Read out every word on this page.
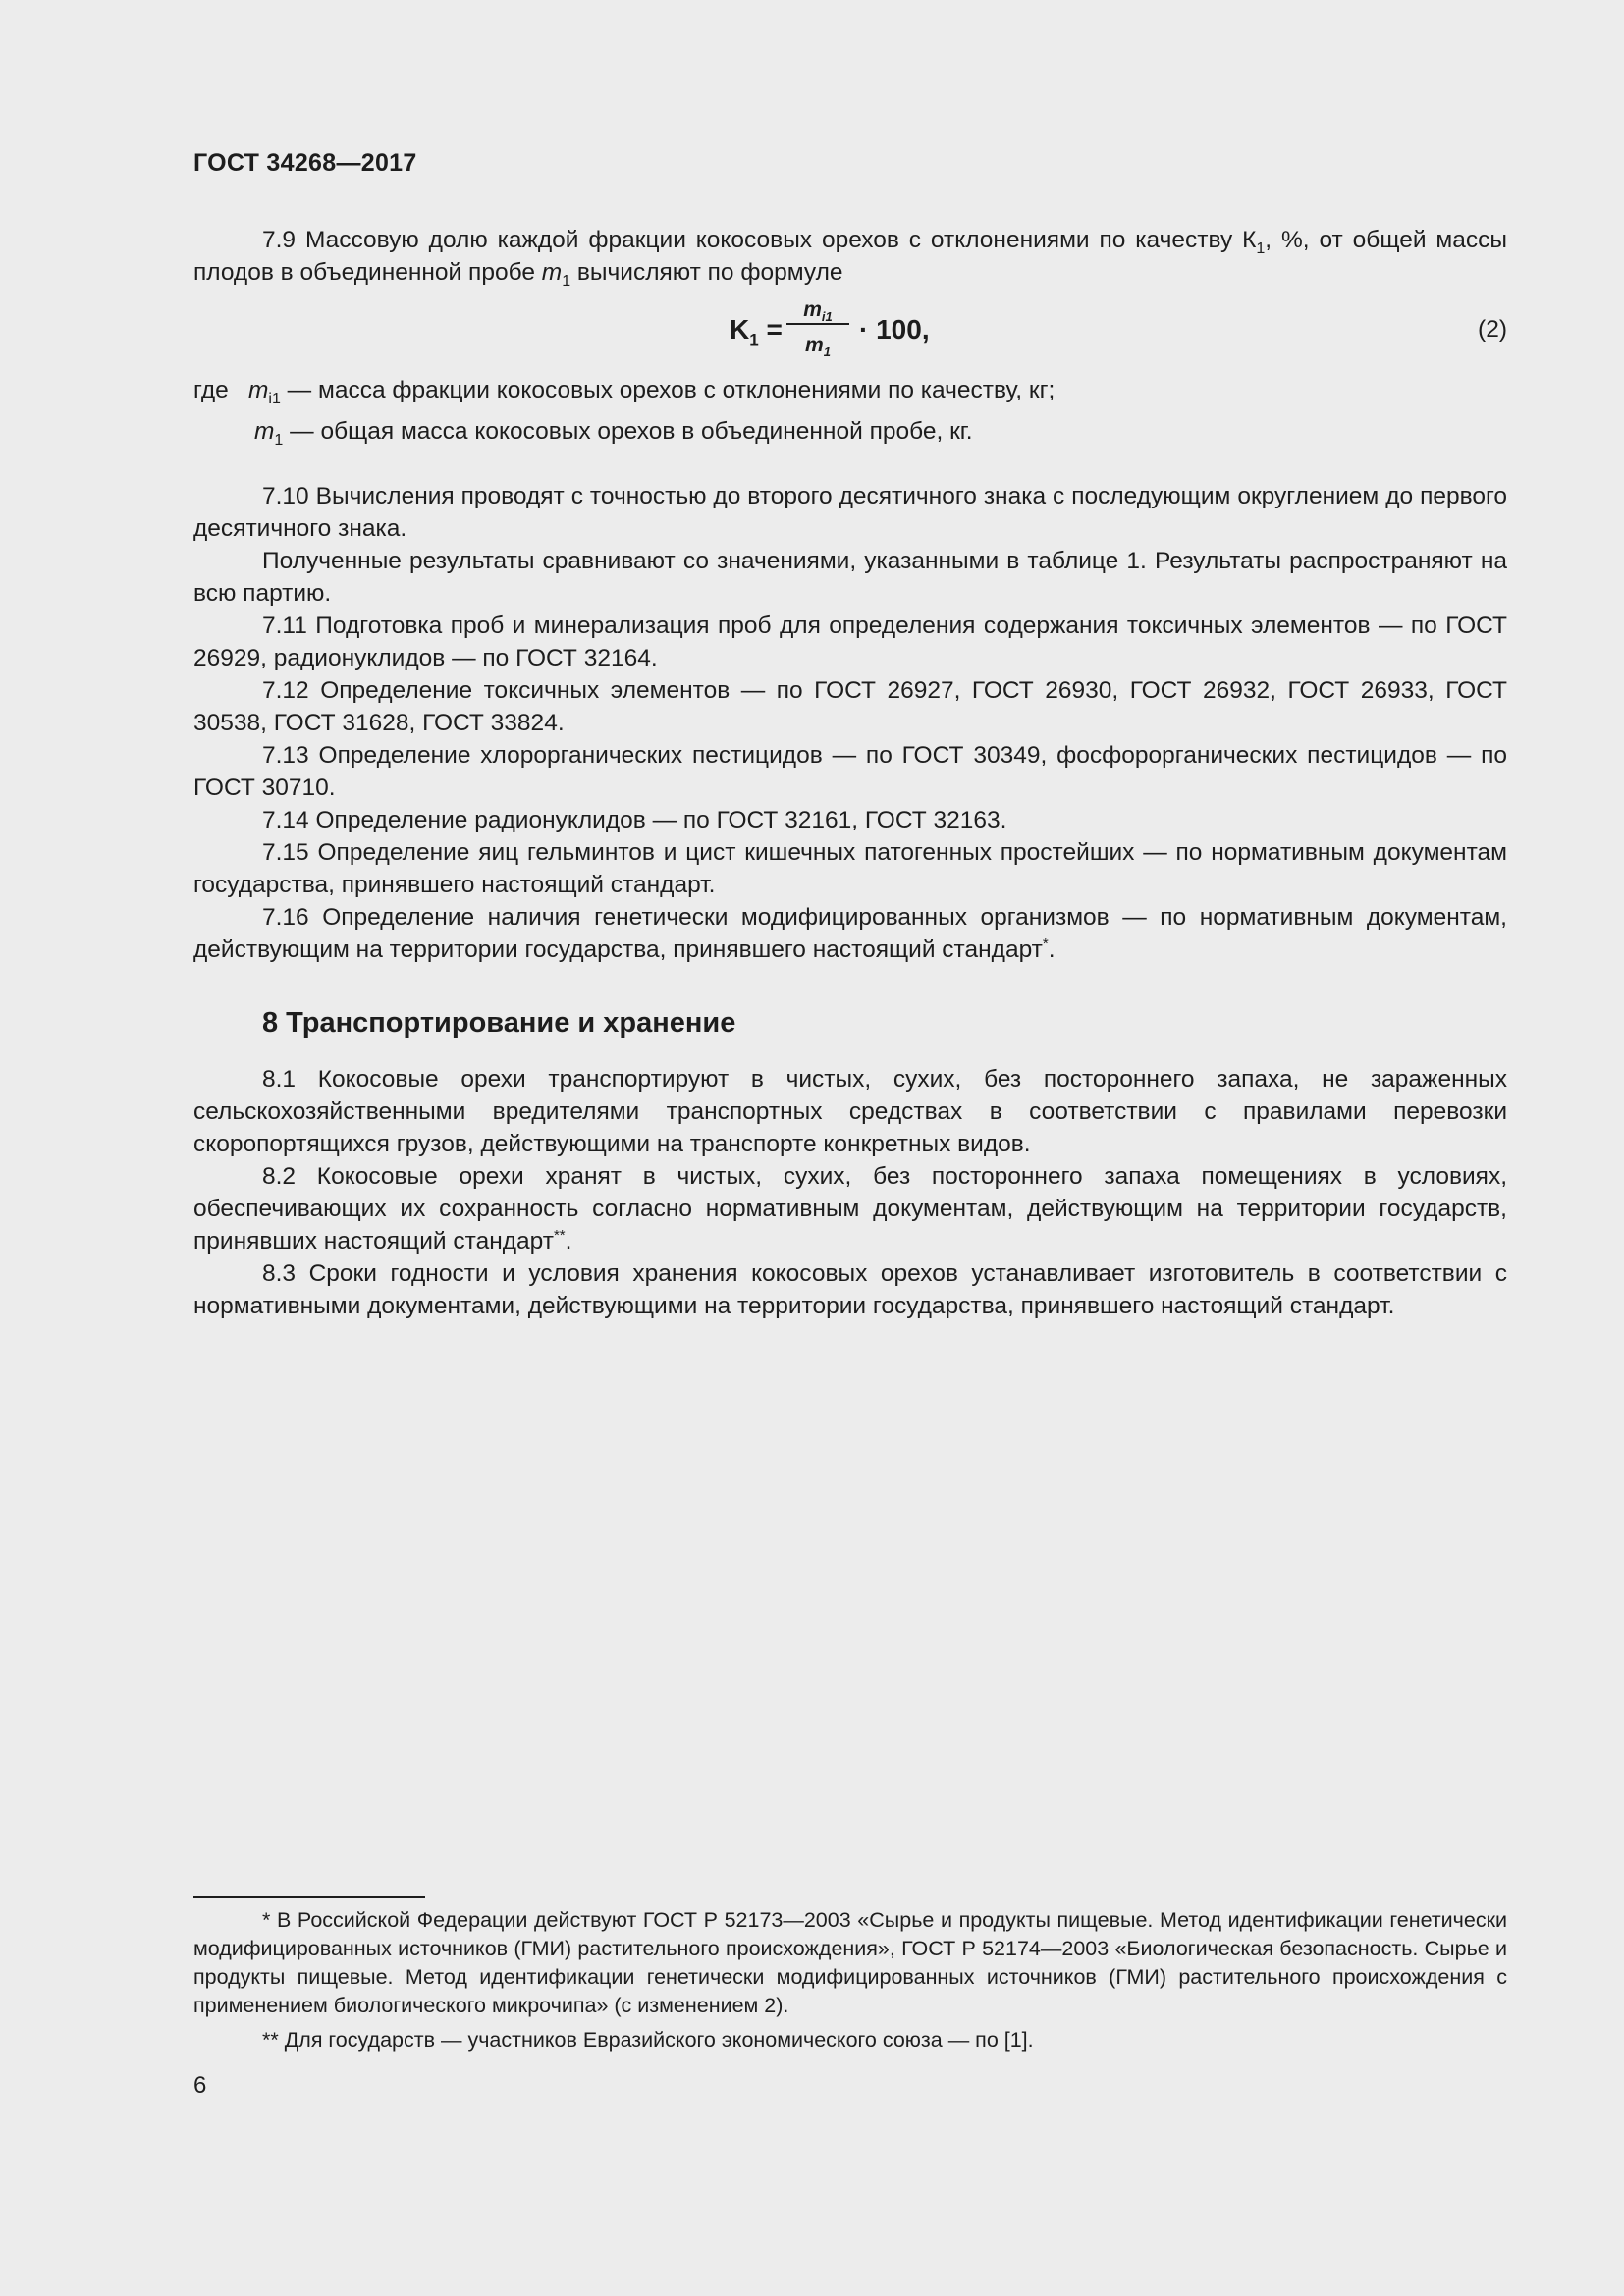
ГОСТ 34268—2017

7.9 Массовую долю каждой фракции кокосовых орехов с отклонениями по качеству $К_1$, %, от общей массы плодов в объединенной пробе $m_1$ вычисляют по формуле

$K_1$ =
$m_{i1}$
$m_1$
· 100,	(2)
где $m_{i1}$ — масса фракции кокосовых орехов с отклонениями по качеству, кг;
$m_1$ — общая масса кокосовых орехов в объединенной пробе, кг.

7.10 Вычисления проводят с точностью до второго десятичного знака с последующим округлением до первого десятичного знака.

Полученные результаты сравнивают со значениями, указанными в таблице 1. Результаты распространяют на всю партию.

7.11 Подготовка проб и минерализация проб для определения содержания токсичных элементов — по ГОСТ 26929, радионуклидов — по ГОСТ 32164.

7.12 Определение токсичных элементов — по ГОСТ 26927, ГОСТ 26930, ГОСТ 26932, ГОСТ 26933, ГОСТ 30538, ГОСТ 31628, ГОСТ 33824.

7.13 Определение хлорорганических пестицидов — по ГОСТ 30349, фосфорорганических пестицидов — по ГОСТ 30710.

7.14 Определение радионуклидов — по ГОСТ 32161, ГОСТ 32163.

7.15 Определение яиц гельминтов и цист кишечных патогенных простейших — по нормативным документам государства, принявшего настоящий стандарт.

7.16 Определение наличия генетически модифицированных организмов — по нормативным документам, действующим на территории государства, принявшего настоящий стандарт*.

8 Транспортирование и хранение

8.1 Кокосовые орехи транспортируют в чистых, сухих, без постороннего запаха, не зараженных сельскохозяйственными вредителями транспортных средствах в соответствии с правилами перевозки скоропортящихся грузов, действующими на транспорте конкретных видов.

8.2 Кокосовые орехи хранят в чистых, сухих, без постороннего запаха помещениях в условиях, обеспечивающих их сохранность согласно нормативным документам, действующим на территории государств, принявших настоящий стандарт**.

8.3 Сроки годности и условия хранения кокосовых орехов устанавливает изготовитель в соответствии с нормативными документами, действующими на территории государства, принявшего настоящий стандарт.

* В Российской Федерации действуют ГОСТ Р 52173—2003 «Сырье и продукты пищевые. Метод идентификации генетически модифицированных источников (ГМИ) растительного происхождения», ГОСТ Р 52174—2003 «Биологическая безопасность. Сырье и продукты пищевые. Метод идентификации генетически модифицированных источников (ГМИ) растительного происхождения с применением биологического микрочипа» (с изменением 2).

** Для государств — участников Евразийского экономического союза — по [1].

6
